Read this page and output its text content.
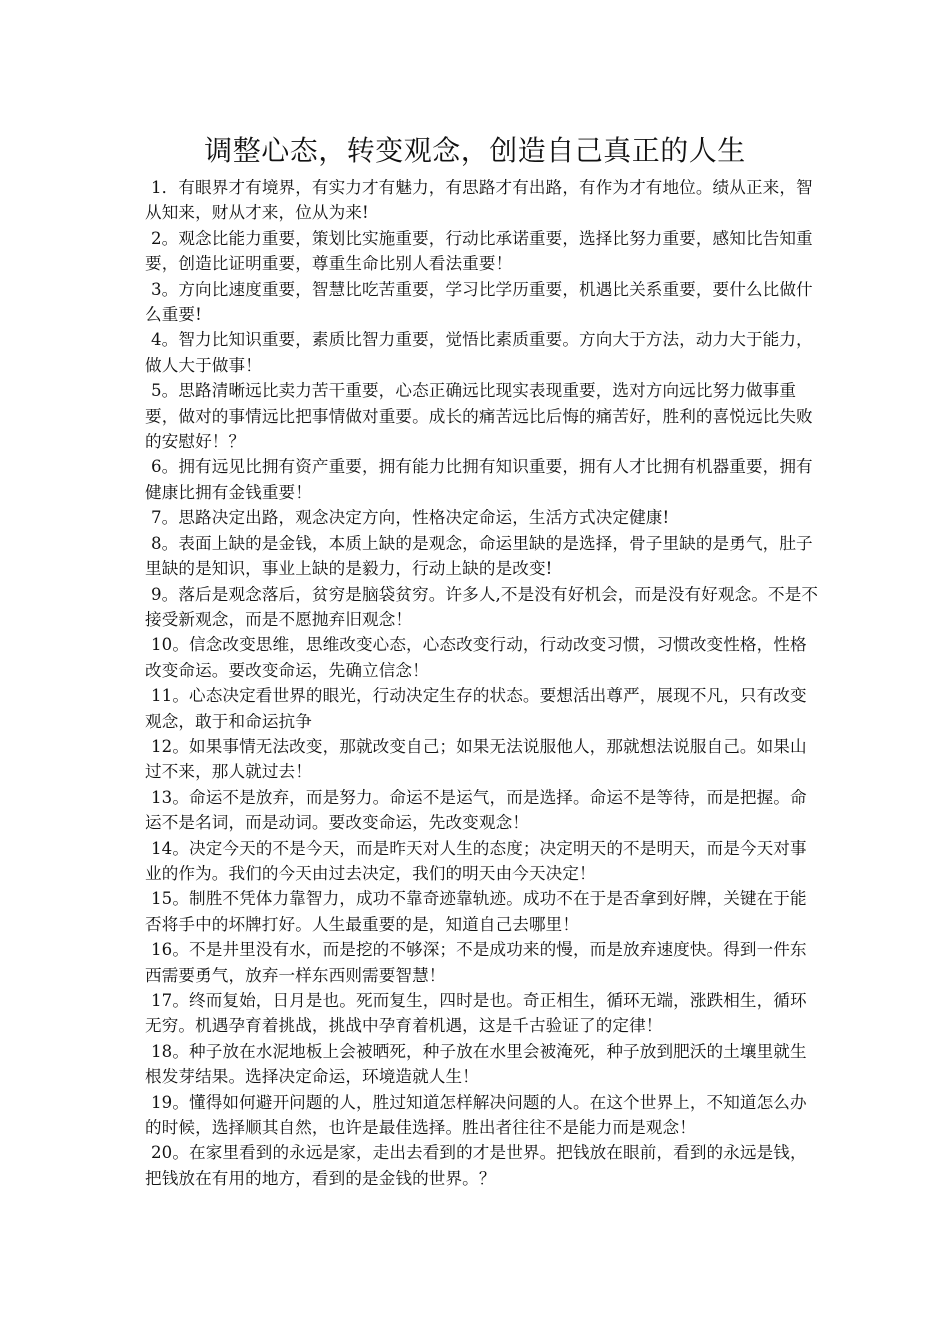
调整心态，转变观念，创造自己真正的人生

1．有眼界才有境界，有实力才有魅力，有思路才有出路，有作为才有地位。绩从正来，智从知来，财从才来，位从为来!

2。观念比能力重要，策划比实施重要，行动比承诺重要，选择比努力重要，感知比告知重要，创造比证明重要，尊重生命比别人看法重要！

3。方向比速度重要，智慧比吃苦重要，学习比学历重要，机遇比关系重要，要什么比做什么重要!

4。智力比知识重要，素质比智力重要，觉悟比素质重要。方向大于方法，动力大于能力，做人大于做事！

5。思路清晰远比卖力苦干重要，心态正确远比现实表现重要，选对方向远比努力做事重要，做对的事情远比把事情做对重要。成长的痛苦远比后悔的痛苦好，胜利的喜悦远比失败的安慰好！？

6。拥有远见比拥有资产重要，拥有能力比拥有知识重要，拥有人才比拥有机器重要，拥有健康比拥有金钱重要！

7。思路决定出路，观念决定方向，性格决定命运，生活方式决定健康!

8。表面上缺的是金钱，本质上缺的是观念，命运里缺的是选择，骨子里缺的是勇气，肚子里缺的是知识，事业上缺的是毅力，行动上缺的是改变!

9。落后是观念落后，贫穷是脑袋贫穷。许多人,不是没有好机会，而是没有好观念。不是不接受新观念，而是不愿抛弃旧观念！

10。信念改变思维，思维改变心态，心态改变行动，行动改变习惯，习惯改变性格，性格改变命运。要改变命运，先确立信念！

11。心态决定看世界的眼光，行动决定生存的状态。要想活出尊严，展现不凡，只有改变观念，敢于和命运抗争

12。如果事情无法改变，那就改变自己；如果无法说服他人，那就想法说服自己。如果山过不来，那人就过去！

13。命运不是放弃，而是努力。命运不是运气，而是选择。命运不是等待，而是把握。命运不是名词，而是动词。要改变命运，先改变观念！

14。决定今天的不是今天，而是昨天对人生的态度；决定明天的不是明天，而是今天对事业的作为。我们的今天由过去决定，我们的明天由今天决定！

15。制胜不凭体力靠智力，成功不靠奇迹靠轨迹。成功不在于是否拿到好牌，关键在于能否将手中的坏牌打好。人生最重要的是，知道自己去哪里！

16。不是井里没有水，而是挖的不够深；不是成功来的慢，而是放弃速度快。得到一件东西需要勇气，放弃一样东西则需要智慧！

17。终而复始，日月是也。死而复生，四时是也。奇正相生，循环无端，涨跌相生，循环无穷。机遇孕育着挑战，挑战中孕育着机遇，这是千古验证了的定律！

18。种子放在水泥地板上会被晒死，种子放在水里会被淹死，种子放到肥沃的土壤里就生根发芽结果。选择决定命运，环境造就人生！

19。懂得如何避开问题的人，胜过知道怎样解决问题的人。在这个世界上，不知道怎么办的时候，选择顺其自然，也许是最佳选择。胜出者往往不是能力而是观念！

20。在家里看到的永远是家，走出去看到的才是世界。把钱放在眼前，看到的永远是钱，把钱放在有用的地方，看到的是金钱的世界。？
